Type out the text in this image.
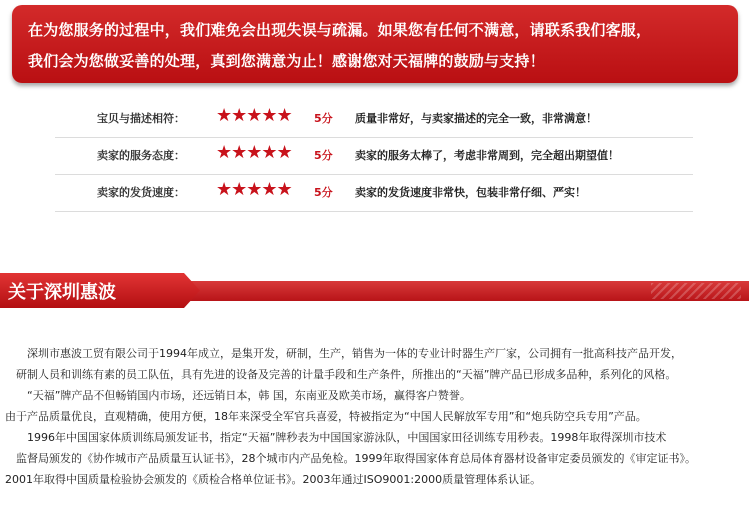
在为您服务的过程中，我们难免会出现失误与疏漏。如果您有任何不满意，请联系我们客服，
我们会为您做妥善的处理，真到您满意为止！感谢您对天福牌的鼓励与支持！
宝贝与描述相符： ★★★★★ 5分 质量非常好，与卖家描述的完全一致，非常满意！
卖家的服务态度： ★★★★★ 5分 卖家的服务太棒了，考虑非常周到，完全超出期望值！
卖家的发货速度： ★★★★★ 5分 卖家的发货速度非常快，包装非常仔细、严实！
关于深圳惠波

　　深圳市惠波工贸有限公司于1994年成立，是集开发，研制，生产，销售为一体的专业计时器生产厂家，公司拥有一批高科技产品开发，

　研制人员和训练有素的员工队伍，具有先进的设备及完善的计量手段和生产条件，所推出的“天福”牌产品已形成多品种，系列化的风格。

　　“天福”牌产品不但畅销国内市场，还远销日本，韩 国，东南亚及欧美市场，赢得客户赞誉。

由于产品质量优良，直观精确，使用方便，18年来深受全军官兵喜爱，特被指定为“中国人民解放军专用”和“炮兵防空兵专用”产品。

　　1996年中国国家体质训练局颁发证书，指定“天福”牌秒表为中国国家游泳队，中国国家田径训练专用秒表。1998年取得深圳市技术

　监督局颁发的《协作城市产品质量互认证书》，28个城市内产品免检。1999年取得国家体育总局体育器材设备审定委员颁发的《审定证书》。

2001年取得中国质量检验协会颁发的《质检合格单位证书》。2003年通过ISO9001:2000质量管理体系认证。
